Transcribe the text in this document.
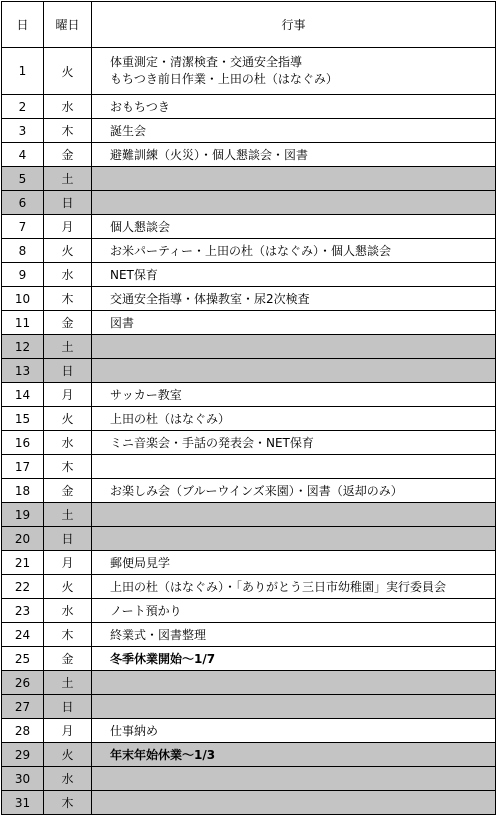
日	曜日	行事
1	火	体重測定・清潔検査・交通安全指導
もちつき前日作業・上田の杜（はなぐみ）

2	水	おもちつき

3	木	誕生会

4	金	避難訓練（火災）・個人懇談会・図書

5	土	

6	日	

7	月	個人懇談会

8	火	お米パーティー・上田の杜（はなぐみ）・個人懇談会

9	水	NET保育

10	木	交通安全指導・体操教室・尿2次検査

11	金	図書

12	土	

13	日	

14	月	サッカー教室

15	火	上田の杜（はなぐみ）

16	水	ミニ音楽会・手話の発表会・NET保育

17	木	

18	金	お楽しみ会（ブルーウインズ来園）・図書（返却のみ）

19	土	

20	日	

21	月	郵便局見学

22	火	上田の杜（はなぐみ）・「ありがとう三日市幼稚園」実行委員会

23	水	ノート預かり

24	木	終業式・図書整理

25	金	冬季休業開始～1/7

26	土	

27	日	

28	月	仕事納め

29	火	年末年始休業～1/3

30	水	

31	木	
